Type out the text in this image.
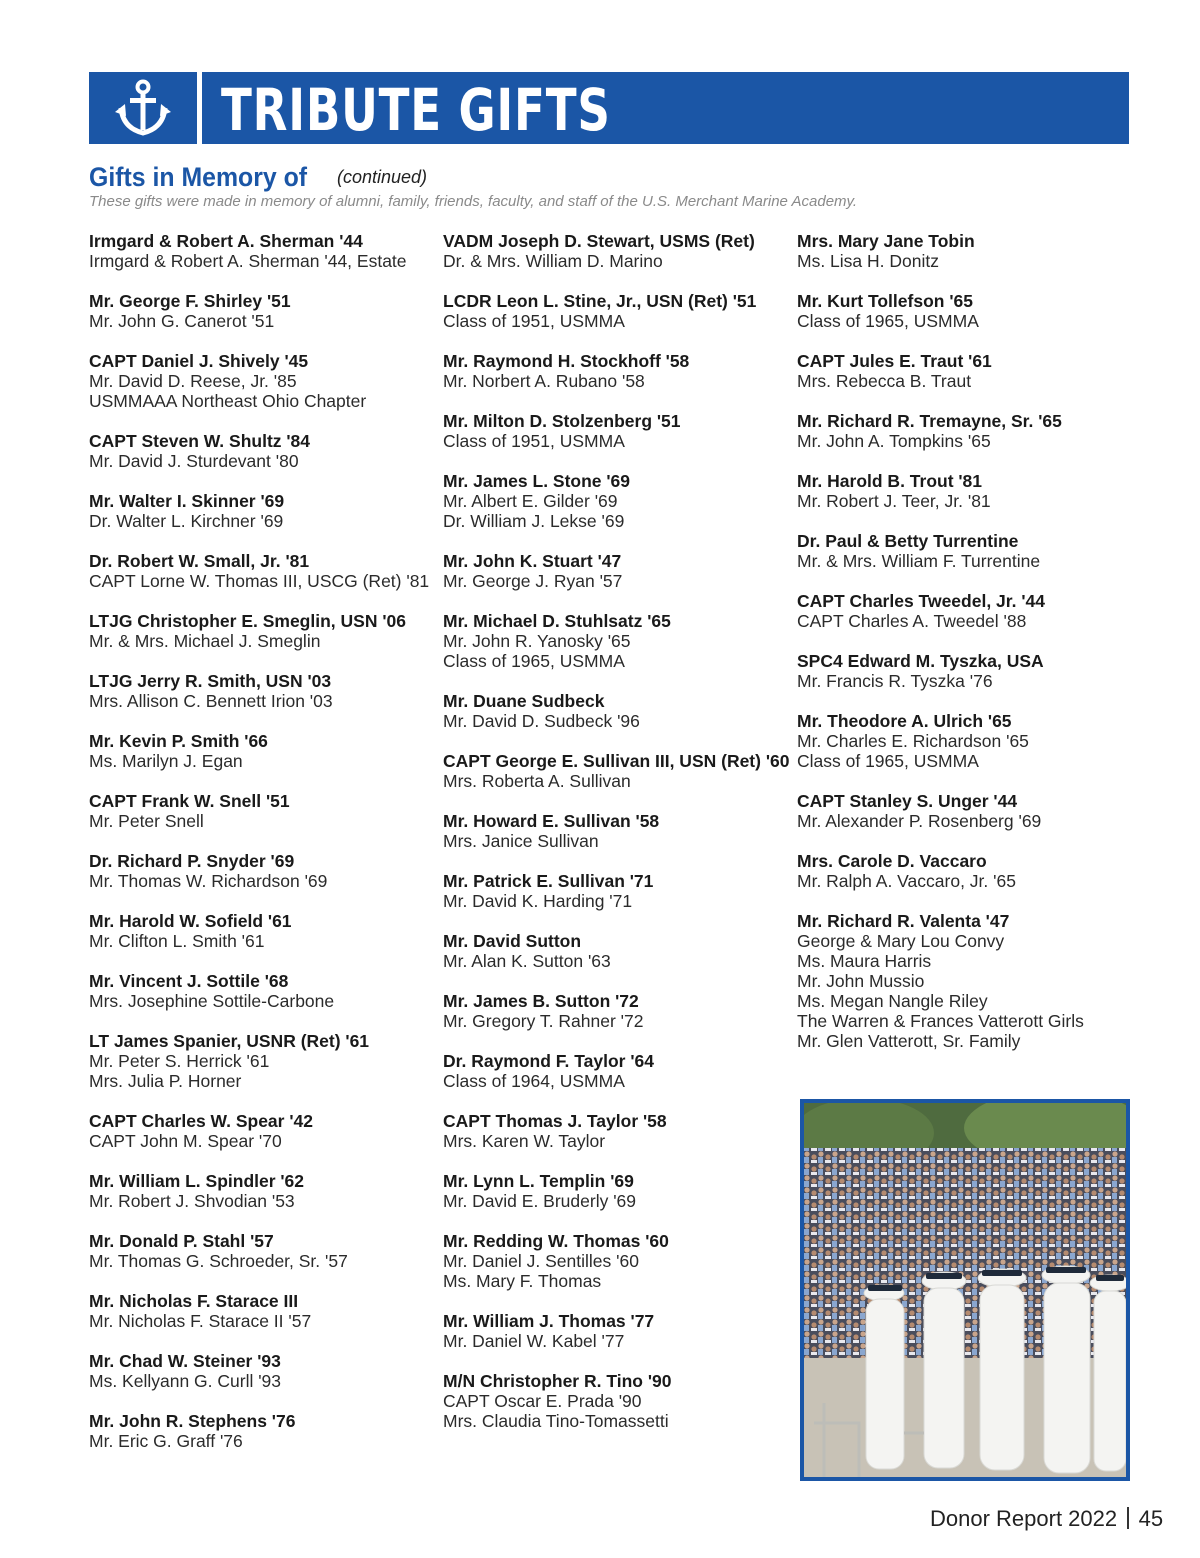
TRIBUTE GIFTS
Gifts in Memory of (continued)
These gifts were made in memory of alumni, family, friends, faculty, and staff of the U.S. Merchant Marine Academy.
Irmgard & Robert A. Sherman '44
Irmgard & Robert A. Sherman '44, Estate
Mr. George F. Shirley '51
Mr. John G. Canerot '51
CAPT Daniel J. Shively '45
Mr. David D. Reese, Jr. '85
USMMAAA Northeast Ohio Chapter
CAPT Steven W. Shultz '84
Mr. David J. Sturdevant '80
Mr. Walter I. Skinner '69
Dr. Walter L. Kirchner '69
Dr. Robert W. Small, Jr. '81
CAPT Lorne W. Thomas III, USCG (Ret) '81
LTJG Christopher E. Smeglin, USN '06
Mr. & Mrs. Michael J. Smeglin
LTJG Jerry R. Smith, USN '03
Mrs. Allison C. Bennett Irion '03
Mr. Kevin P. Smith '66
Ms. Marilyn J. Egan
CAPT Frank W. Snell '51
Mr. Peter Snell
Dr. Richard P. Snyder '69
Mr. Thomas W. Richardson '69
Mr. Harold W. Sofield '61
Mr. Clifton L. Smith '61
Mr. Vincent J. Sottile '68
Mrs. Josephine Sottile-Carbone
LT James Spanier, USNR (Ret) '61
Mr. Peter S. Herrick '61
Mrs. Julia P. Horner
CAPT Charles W. Spear '42
CAPT John M. Spear '70
Mr. William L. Spindler '62
Mr. Robert J. Shvodian '53
Mr. Donald P. Stahl '57
Mr. Thomas G. Schroeder, Sr. '57
Mr. Nicholas F. Starace III
Mr. Nicholas F. Starace II '57
Mr. Chad W. Steiner '93
Ms. Kellyann G. Curll '93
Mr. John R. Stephens '76
Mr. Eric G. Graff '76
VADM Joseph D. Stewart, USMS (Ret)
Dr. & Mrs. William D. Marino
LCDR Leon L. Stine, Jr., USN (Ret) '51
Class of 1951, USMMA
Mr. Raymond H. Stockhoff '58
Mr. Norbert A. Rubano '58
Mr. Milton D. Stolzenberg '51
Class of 1951, USMMA
Mr. James L. Stone '69
Mr. Albert E. Gilder '69
Dr. William J. Lekse '69
Mr. John K. Stuart '47
Mr. George J. Ryan '57
Mr. Michael D. Stuhlsatz '65
Mr. John R. Yanosky '65
Class of 1965, USMMA
Mr. Duane Sudbeck
Mr. David D. Sudbeck '96
CAPT George E. Sullivan III, USN (Ret) '60
Mrs. Roberta A. Sullivan
Mr. Howard E. Sullivan '58
Mrs. Janice Sullivan
Mr. Patrick E. Sullivan '71
Mr. David K. Harding '71
Mr. David Sutton
Mr. Alan K. Sutton '63
Mr. James B. Sutton '72
Mr. Gregory T. Rahner '72
Dr. Raymond F. Taylor '64
Class of 1964, USMMA
CAPT Thomas J. Taylor '58
Mrs. Karen W. Taylor
Mr. Lynn L. Templin '69
Mr. David E. Bruderly '69
Mr. Redding W. Thomas '60
Mr. Daniel J. Sentilles '60
Ms. Mary F. Thomas
Mr. William J. Thomas '77
Mr. Daniel W. Kabel '77
M/N Christopher R. Tino '90
CAPT Oscar E. Prada '90
Mrs. Claudia Tino-Tomassetti
Mrs. Mary Jane Tobin
Ms. Lisa H. Donitz
Mr. Kurt Tollefson '65
Class of 1965, USMMA
CAPT Jules E. Traut '61
Mrs. Rebecca B. Traut
Mr. Richard R. Tremayne, Sr. '65
Mr. John A. Tompkins '65
Mr. Harold B. Trout '81
Mr. Robert J. Teer, Jr. '81
Dr. Paul & Betty Turrentine
Mr. & Mrs. William F. Turrentine
CAPT Charles Tweedel, Jr. '44
CAPT Charles A. Tweedel '88
SPC4 Edward M. Tyszka, USA
Mr. Francis R. Tyszka '76
Mr. Theodore A. Ulrich '65
Mr. Charles E. Richardson '65
Class of 1965, USMMA
CAPT Stanley S. Unger '44
Mr. Alexander P. Rosenberg '69
Mrs. Carole D. Vaccaro
Mr. Ralph A. Vaccaro, Jr. '65
Mr. Richard R. Valenta '47
George & Mary Lou Convy
Ms. Maura Harris
Mr. John Mussio
Ms. Megan Nangle Riley
The Warren & Frances Vatterott Girls
Mr. Glen Vatterott, Sr. Family
Donor Report 2022 45
